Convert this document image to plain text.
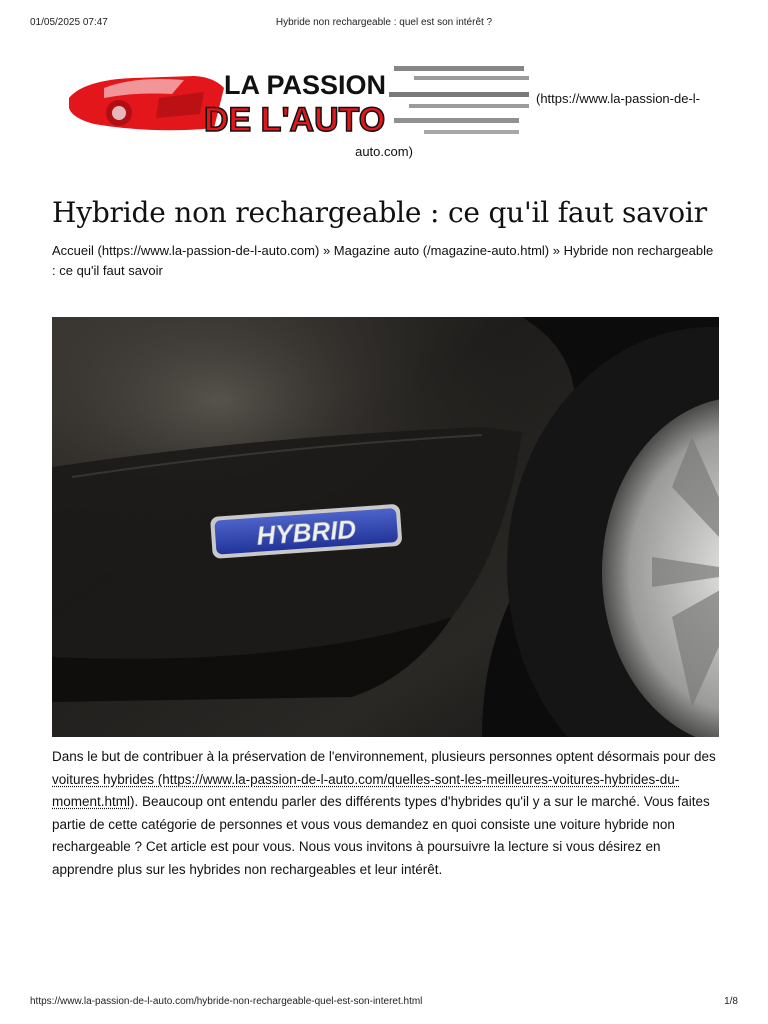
01/05/2025 07:47	Hybride non rechargeable : quel est son intérêt ?
LA PASSION
DE L'AUTO
(https://www.la-passion-de-l-
auto.com)
Hybride non rechargeable : ce qu'il faut savoir
Accueil (https://www.la-passion-de-l-auto.com) » Magazine auto (/magazine-auto.html) » Hybride non rechargeable : ce qu'il faut savoir
HYBRID

Dans le but de contribuer à la préservation de l'environnement, plusieurs personnes optent désormais pour des voitures hybrides (https://www.la-passion-de-l-auto.com/quelles-sont-les-meilleures-voitures-hybrides-du-moment.html). Beaucoup ont entendu parler des différents types d'hybrides qu'il y a sur le marché. Vous faites partie de cette catégorie de personnes et vous vous demandez en quoi consiste une voiture hybride non rechargeable ? Cet article est pour vous. Nous vous invitons à poursuivre la lecture si vous désirez en apprendre plus sur les hybrides non rechargeables et leur intérêt.

https://www.la-passion-de-l-auto.com/hybride-non-rechargeable-quel-est-son-interet.html	1/8
